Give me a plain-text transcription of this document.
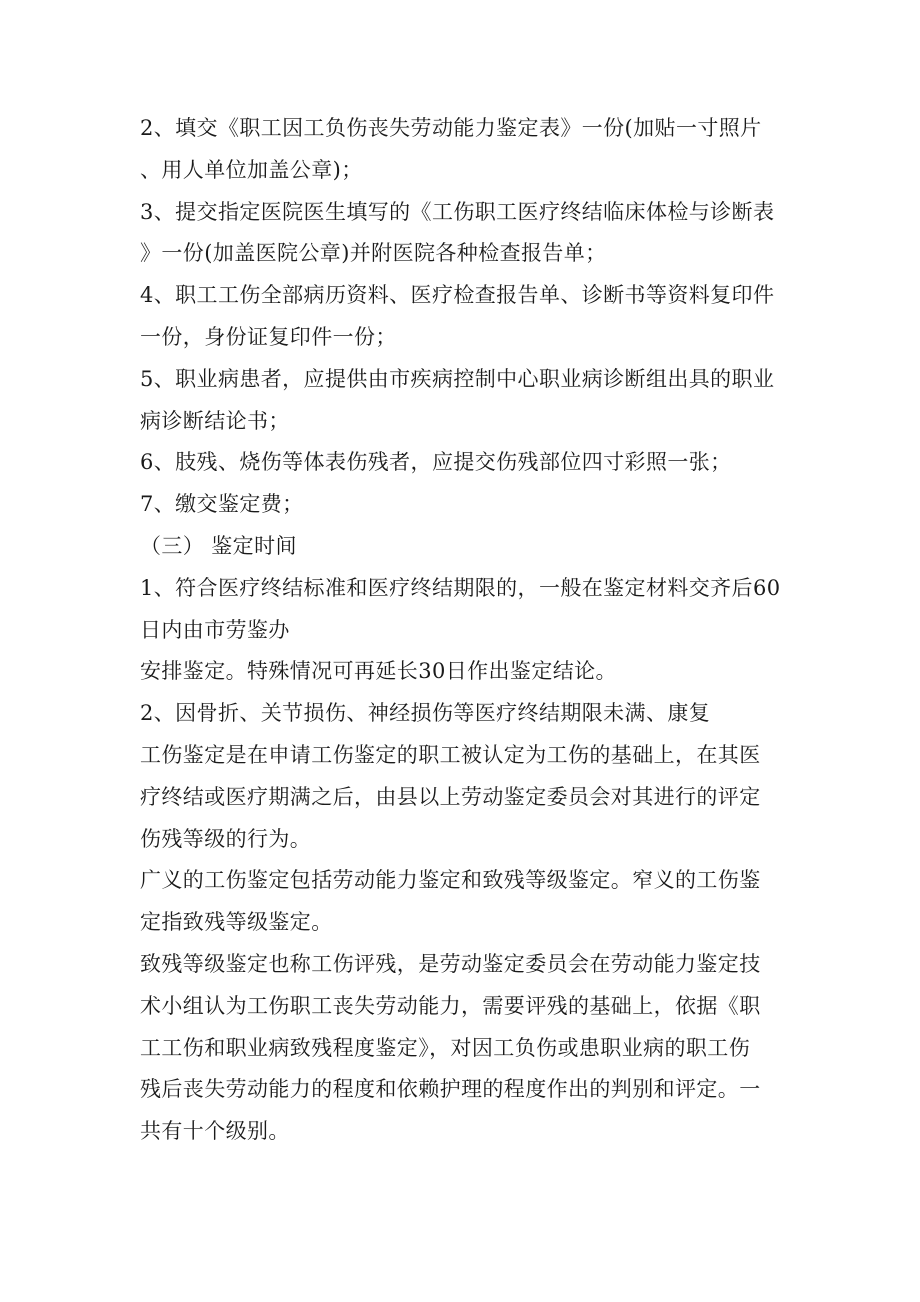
2、填交《职工因工负伤丧失劳动能力鉴定表》一份(加贴一寸照片

、用人单位加盖公章)；

3、提交指定医院医生填写的《工伤职工医疗终结临床体检与诊断表

》一份(加盖医院公章)并附医院各种检查报告单；

4、职工工伤全部病历资料、医疗检查报告单、诊断书等资料复印件

一份，身份证复印件一份；

5、职业病患者，应提供由市疾病控制中心职业病诊断组出具的职业

病诊断结论书；

6、肢残、烧伤等体表伤残者，应提交伤残部位四寸彩照一张；

7、缴交鉴定费；

（三） 鉴定时间

1、符合医疗终结标准和医疗终结期限的，一般在鉴定材料交齐后60

日内由市劳鉴办

安排鉴定。特殊情况可再延长30日作出鉴定结论。

2、因骨折、关节损伤、神经损伤等医疗终结期限未满、康复

工伤鉴定是在申请工伤鉴定的职工被认定为工伤的基础上，在其医

疗终结或医疗期满之后，由县以上劳动鉴定委员会对其进行的评定

伤残等级的行为。

广义的工伤鉴定包括劳动能力鉴定和致残等级鉴定。窄义的工伤鉴

定指致残等级鉴定。

致残等级鉴定也称工伤评残，是劳动鉴定委员会在劳动能力鉴定技

术小组认为工伤职工丧失劳动能力，需要评残的基础上，依据《职

工工伤和职业病致残程度鉴定》，对因工负伤或患职业病的职工伤

残后丧失劳动能力的程度和依赖护理的程度作出的判别和评定。一

共有十个级别。
